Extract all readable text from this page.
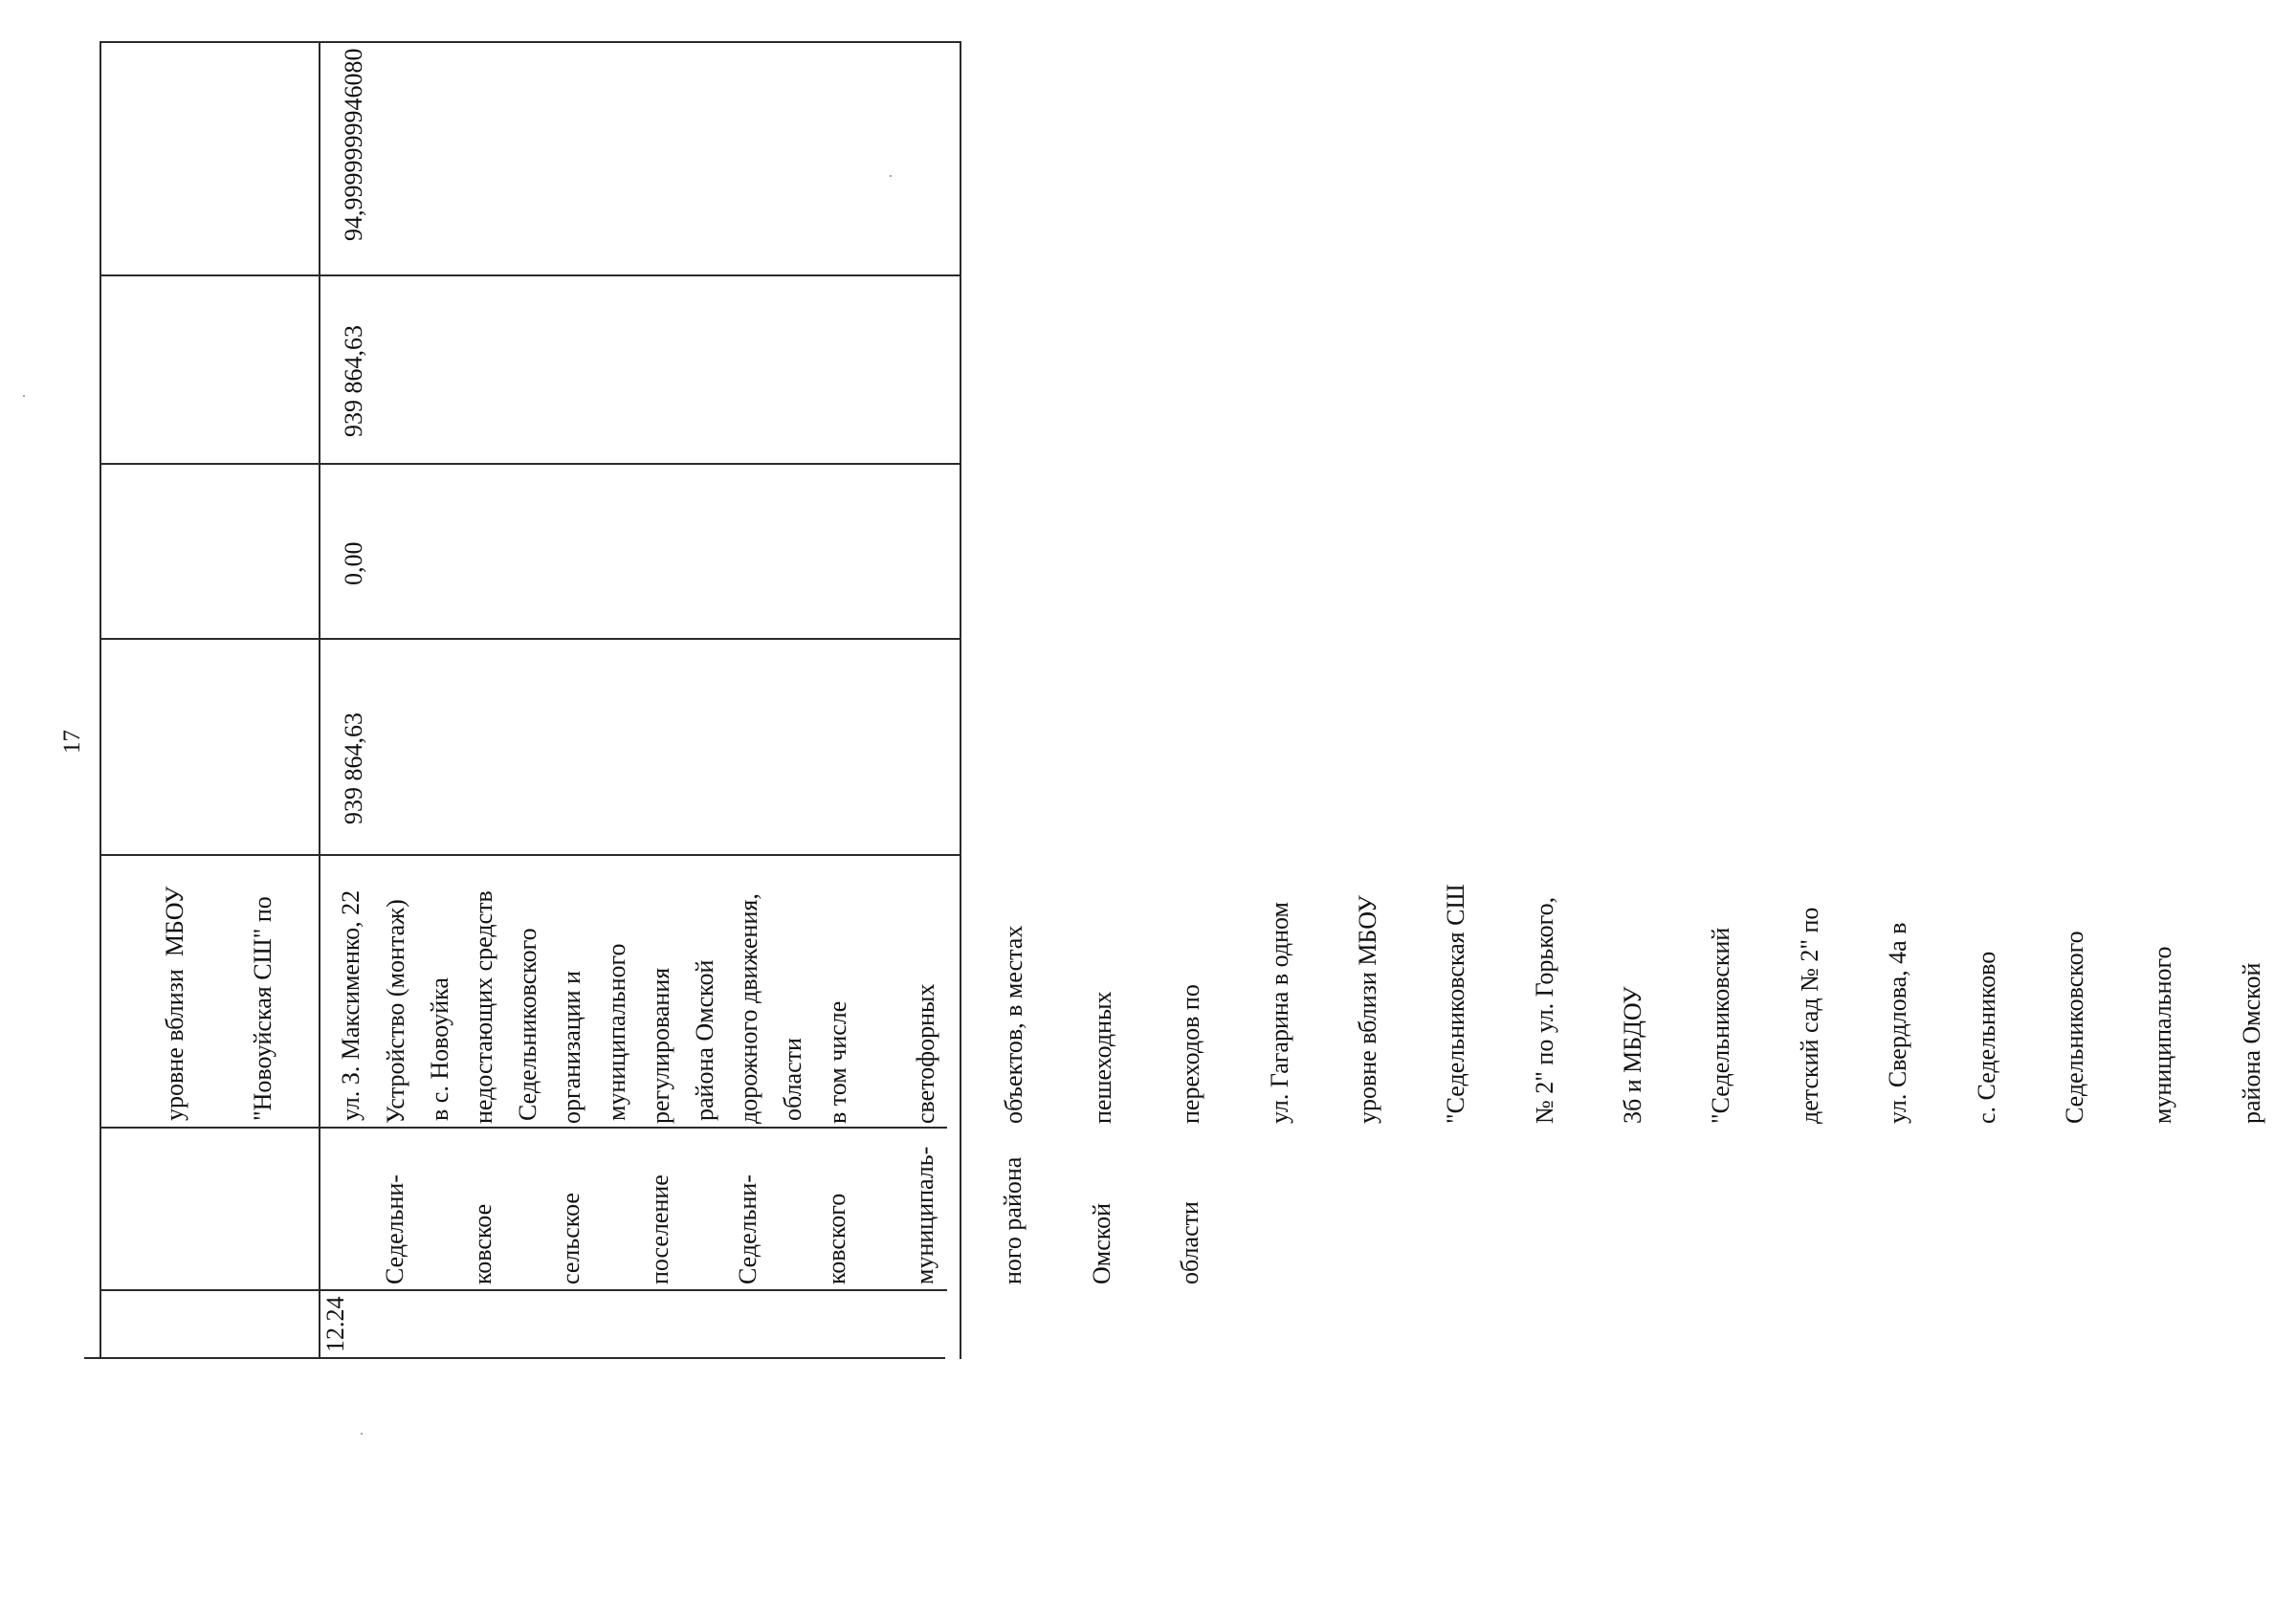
17

уровне вблизи  МБОУ

"Новоуйская СШ" по

ул. З. Максименко, 22

в с. Новоуйка

Седельниковского

муниципального

района Омской

области

94,9999999946080
12.24

Седельни-

ковское

сельское

поселение

Седельни-

ковского

муниципаль-

ного района

Омской

области

Устройство (монтаж)

недостающих средств

организации и

регулирования

дорожного движения,

в том числе

светофорных

объектов, в местах

пешеходных

переходов по

ул. Гагарина в одном

уровне вблизи МБОУ

"Седельниковская СШ

№ 2" по ул. Горького,

3б и МБДОУ

"Седельниковский

детский сад № 2" по

ул. Свердлова, 4а в

с. Седельниково

Седельниковского

муниципального

района Омской

939 864,63
0,00
939 864,63
